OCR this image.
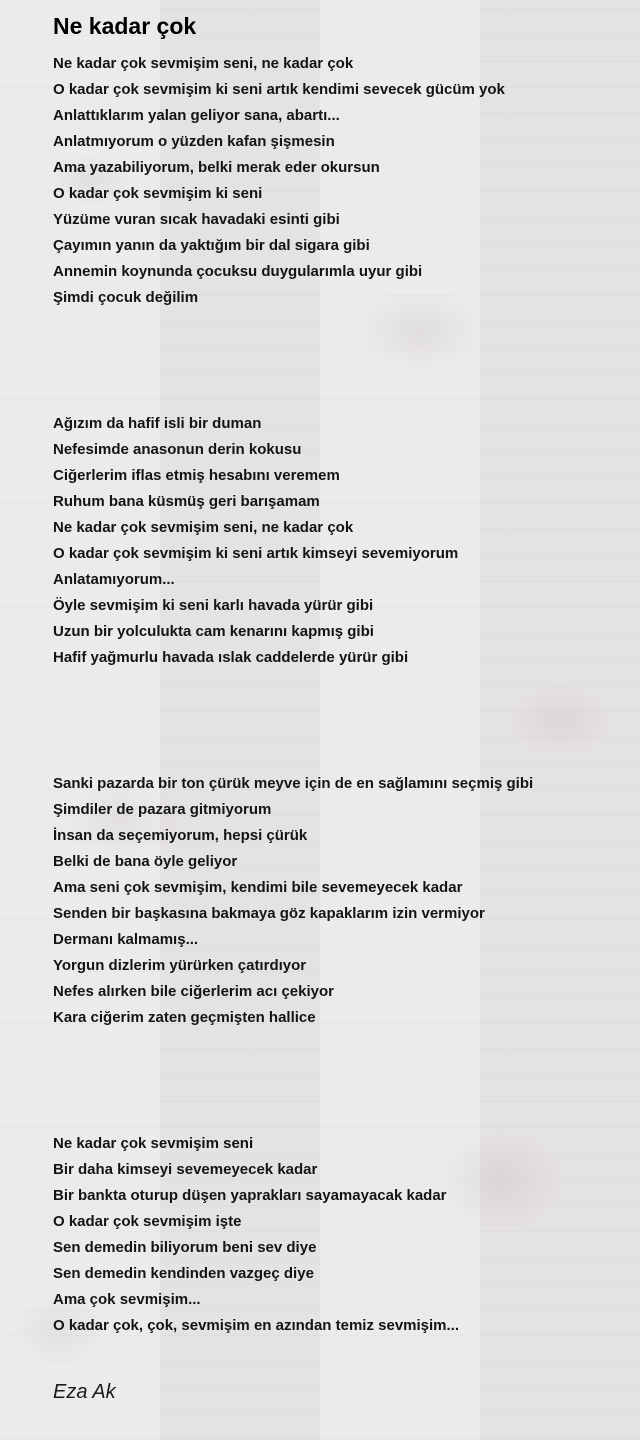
Ne kadar çok
Ne kadar çok sevmişim seni, ne kadar çok
O kadar çok sevmişim ki seni artık kendimi sevecek gücüm yok
Anlattıklarım yalan geliyor sana, abartı...
Anlatmıyorum o yüzden kafan şişmesin
Ama yazabiliyorum, belki merak eder okursun
O kadar çok sevmişim ki seni
Yüzüme vuran sıcak havadaki esinti gibi
Çayımın yanın da yaktığım bir dal sigara gibi
Annemin koynunda çocuksu duygularımla uyur gibi
Şimdi çocuk değilim
Ağızım da hafif isli bir duman
Nefesimde anasonun derin kokusu
Ciğerlerim iflas etmiş hesabını veremem
Ruhum bana küsmüş geri barışamam
Ne kadar çok sevmişim seni, ne kadar çok
O kadar çok sevmişim ki seni artık kimseyi sevemiyorum
Anlatamıyorum...
Öyle sevmişim ki seni karlı havada yürür gibi
Uzun bir yolculukta cam kenarını kapmış gibi
Hafif yağmurlu havada ıslak caddelerde yürür gibi
Sanki pazarda bir ton çürük meyve için de en sağlamını seçmiş gibi
Şimdiler de pazara gitmiyorum
İnsan da seçemiyorum, hepsi çürük
Belki de bana öyle geliyor
Ama seni çok sevmişim, kendimi bile sevemeyecek kadar
Senden bir başkasına bakmaya göz kapaklarım izin vermiyor
Dermanı kalmamış...
Yorgun dizlerim yürürken çatırdıyor
Nefes alırken bile ciğerlerim acı çekiyor
Kara ciğerim zaten geçmişten hallice
Ne kadar çok sevmişim seni
Bir daha kimseyi sevemeyecek kadar
Bir bankta oturup düşen yaprakları sayamayacak kadar
O kadar çok sevmişim işte
Sen demedin biliyorum beni sev diye
Sen demedin kendinden vazgeç diye
Ama çok sevmişim...
O kadar çok, çok, sevmişim en azından temiz sevmişim...
Eza Ak
